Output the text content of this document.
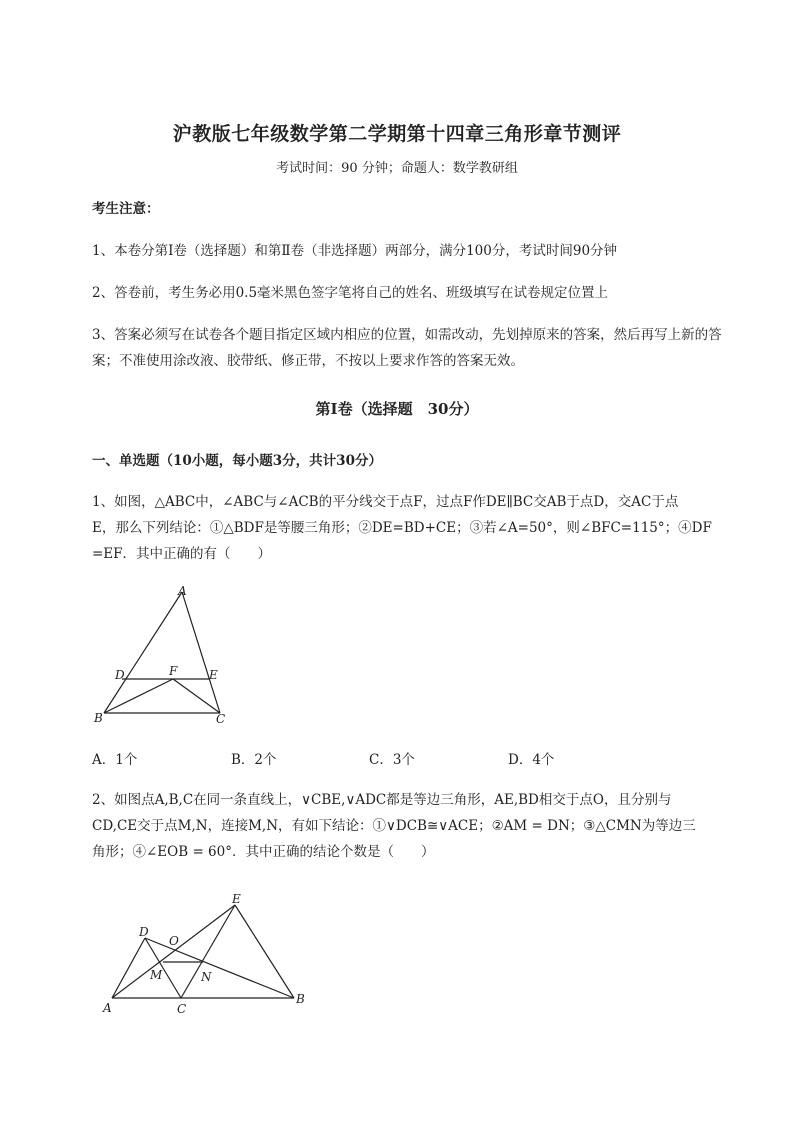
沪教版七年级数学第二学期第十四章三角形章节测评
考试时间：90 分钟；命题人：数学教研组
考生注意：
1、本卷分第Ⅰ卷（选择题）和第Ⅱ卷（非选择题）两部分，满分100分，考试时间90分钟
2、答卷前，考生务必用0.5毫米黑色签字笔将自己的姓名、班级填写在试卷规定位置上
3、答案必须写在试卷各个题目指定区域内相应的位置，如需改动，先划掉原来的答案，然后再写上新的答案；不准使用涂改液、胶带纸、修正带，不按以上要求作答的答案无效。
第Ⅰ卷（选择题　30分）
一、单选题（10小题，每小题3分，共计30分）
1、如图，△ABC中，∠ABC与∠ACB的平分线交于点F，过点F作DE∥BC交AB于点D，交AC于点
E，那么下列结论：①△BDF是等腰三角形；②DE=BD+CE；③若∠A=50°，则∠BFC=115°；④DF
=EF．其中正确的有（　　）
A
B	C
D	E
F
A．1个	B．2个	C．3个	D．4个
2、如图点A,B,C在同一条直线上，∨CBE,∨ADC都是等边三角形，AE,BD相交于点O，且分别与
CD,CE交于点M,N，连接M,N，有如下结论：①∨DCB≅∨ACE；②AM = DN；③△CMN为等边三
角形；④∠EOB = 60°．其中正确的结论个数是（　　）
A
B
C
D
E
O
M	N
